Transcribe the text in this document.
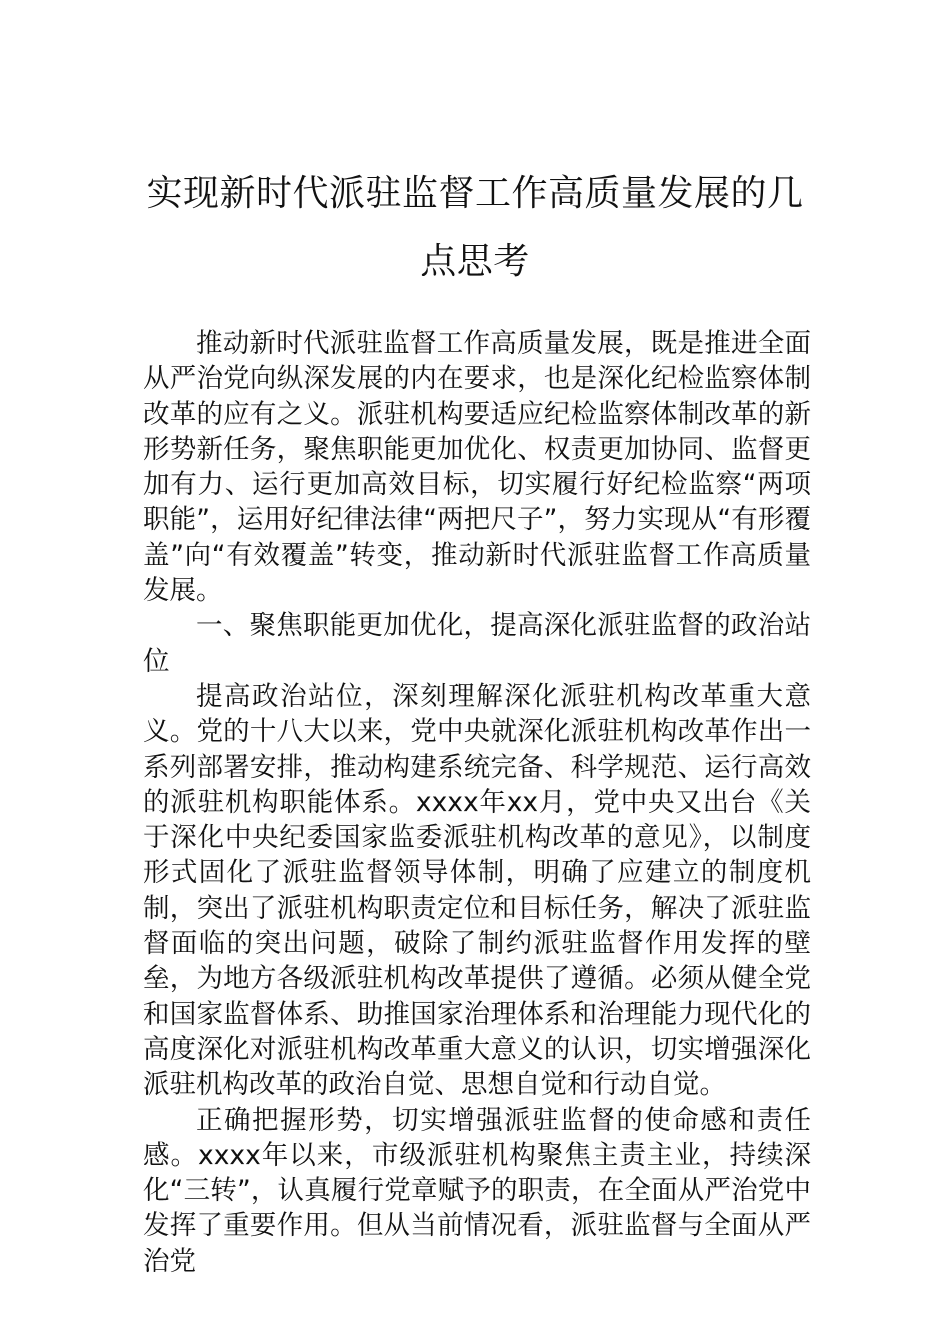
实现新时代派驻监督工作高质量发展的几点思考

推动新时代派驻监督工作高质量发展，既是推进全面从严治党向纵深发展的内在要求，也是深化纪检监察体制改革的应有之义。派驻机构要适应纪检监察体制改革的新形势新任务，聚焦职能更加优化、权责更加协同、监督更加有力、运行更加高效目标，切实履行好纪检监察“两项职能”，运用好纪律法律“两把尺子”，努力实现从“有形覆盖”向“有效覆盖”转变，推动新时代派驻监督工作高质量发展。

一、聚焦职能更加优化，提高深化派驻监督的政治站位

提高政治站位，深刻理解深化派驻机构改革重大意义。党的十八大以来，党中央就深化派驻机构改革作出一系列部署安排，推动构建系统完备、科学规范、运行高效的派驻机构职能体系。xxxx年xx月，党中央又出台《关于深化中央纪委国家监委派驻机构改革的意见》，以制度形式固化了派驻监督领导体制，明确了应建立的制度机制，突出了派驻机构职责定位和目标任务，解决了派驻监督面临的突出问题，破除了制约派驻监督作用发挥的壁垒，为地方各级派驻机构改革提供了遵循。必须从健全党和国家监督体系、助推国家治理体系和治理能力现代化的高度深化对派驻机构改革重大意义的认识，切实增强深化派驻机构改革的政治自觉、思想自觉和行动自觉。

正确把握形势，切实增强派驻监督的使命感和责任感。xxxx年以来，市级派驻机构聚焦主责主业，持续深化“三转”，认真履行党章赋予的职责，在全面从严治党中发挥了重要作用。但从当前情况看，派驻监督与全面从严治党
